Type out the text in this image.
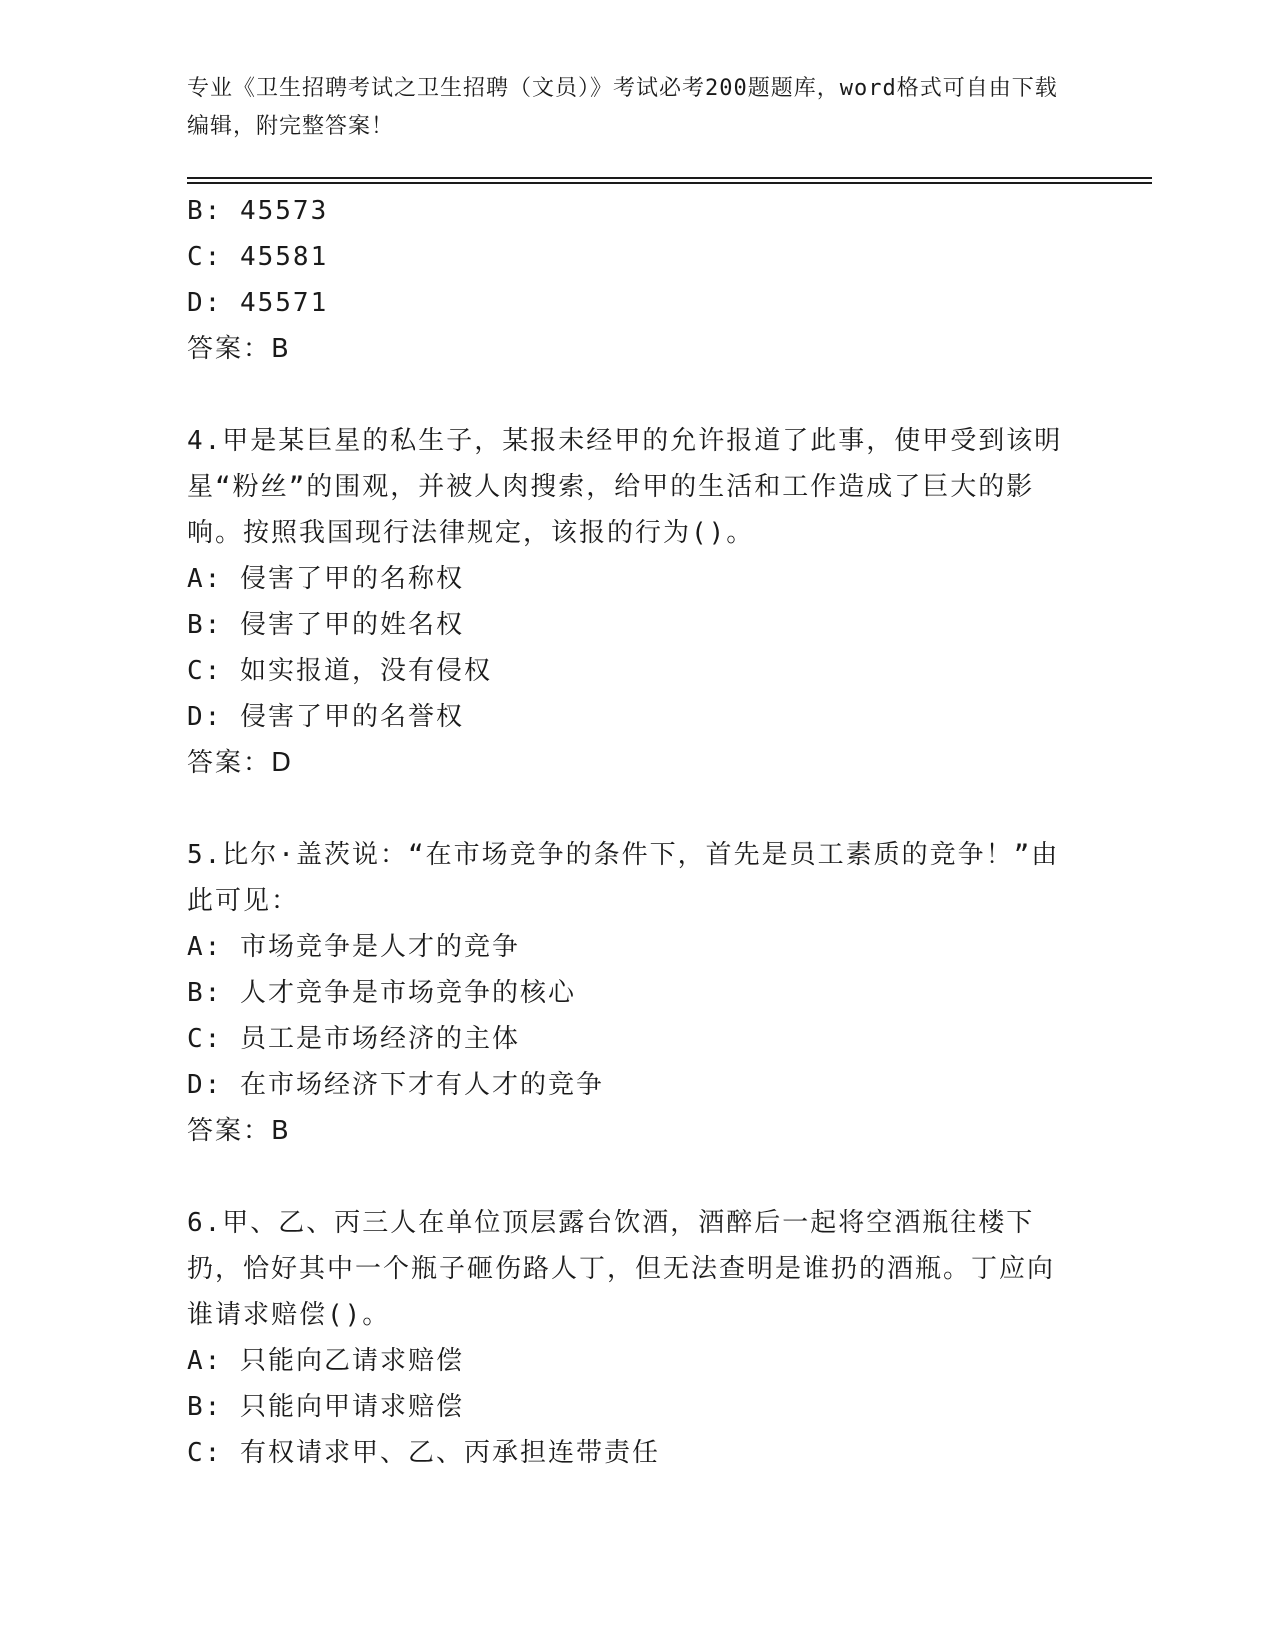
专业《卫生招聘考试之卫生招聘（文员）》考试必考200题题库，word格式可自由下载编辑，附完整答案！
B: 45573
C: 45581
D: 45571
答案：B
4.甲是某巨星的私生子，某报未经甲的允许报道了此事，使甲受到该明星“粉丝”的围观，并被人肉搜索，给甲的生活和工作造成了巨大的影响。按照我国现行法律规定，该报的行为()。
A: 侵害了甲的名称权
B: 侵害了甲的姓名权
C: 如实报道，没有侵权
D: 侵害了甲的名誉权
答案：D
5.比尔·盖茨说：“在市场竞争的条件下，首先是员工素质的竞争！”由此可见：
A: 市场竞争是人才的竞争
B: 人才竞争是市场竞争的核心
C: 员工是市场经济的主体
D: 在市场经济下才有人才的竞争
答案：B
6.甲、乙、丙三人在单位顶层露台饮酒，酒醉后一起将空酒瓶往楼下扔，恰好其中一个瓶子砸伤路人丁，但无法查明是谁扔的酒瓶。丁应向谁请求赔偿()。
A: 只能向乙请求赔偿
B: 只能向甲请求赔偿
C: 有权请求甲、乙、丙承担连带责任
